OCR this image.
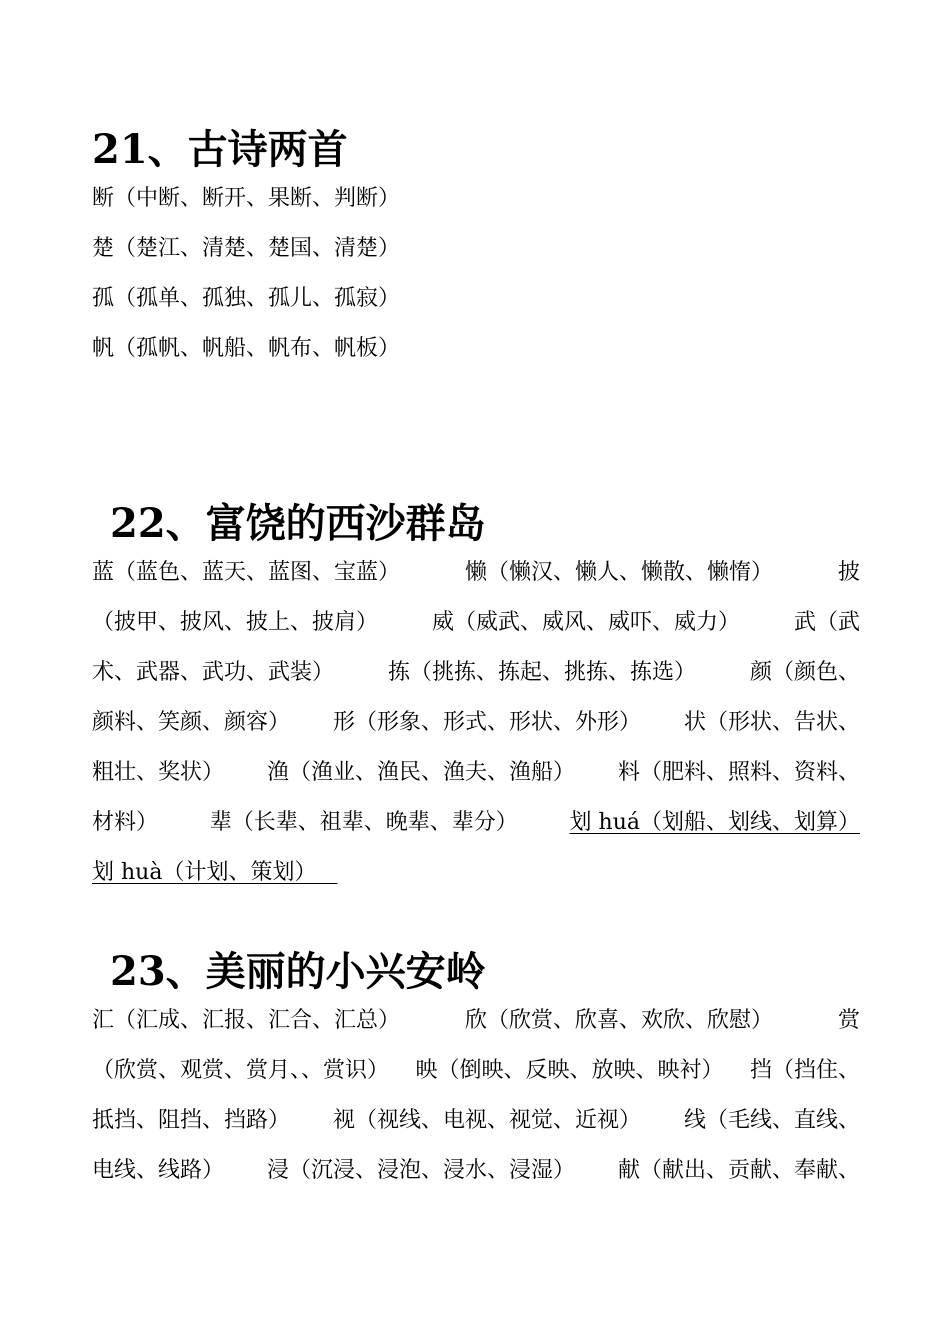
21、古诗两首

断（中断、断开、果断、判断）

楚（楚江、清楚、楚国、清楚）

孤（孤单、孤独、孤儿、孤寂）

帆（孤帆、帆船、帆布、帆板）

22、富饶的西沙群岛
蓝（蓝色、蓝天、蓝图、宝蓝）	懒（懒汉、懒人、懒散、懒惰）	披
（披甲、披风、披上、披肩） 威（威武、威风、威吓、威力） 武（武
术、武器、武功、武装） 拣（挑拣、拣起、挑拣、拣选） 颜（颜色、
颜料、笑颜、颜容） 形（形象、形式、形状、外形） 状（形状、告状、
粗壮、奖状） 渔（渔业、渔民、渔夫、渔船） 料（肥料、照料、资料、
材料） 辈（长辈、祖辈、晚辈、辈分） 划 huá（划船、划线、划算）

划 huà（计划、策划）

23、美丽的小兴安岭
汇（汇成、汇报、汇合、汇总）	欣（欣赏、欣喜、欢欣、欣慰）	赏
（欣赏、观赏、赏月、、赏识） 映（倒映、反映、放映、映衬） 挡（挡住、
抵挡、阻挡、挡路） 视（视线、电视、视觉、近视） 线（毛线、直线、
电线、线路） 浸（沉浸、浸泡、浸水、浸湿） 献（献出、贡献、奉献、
